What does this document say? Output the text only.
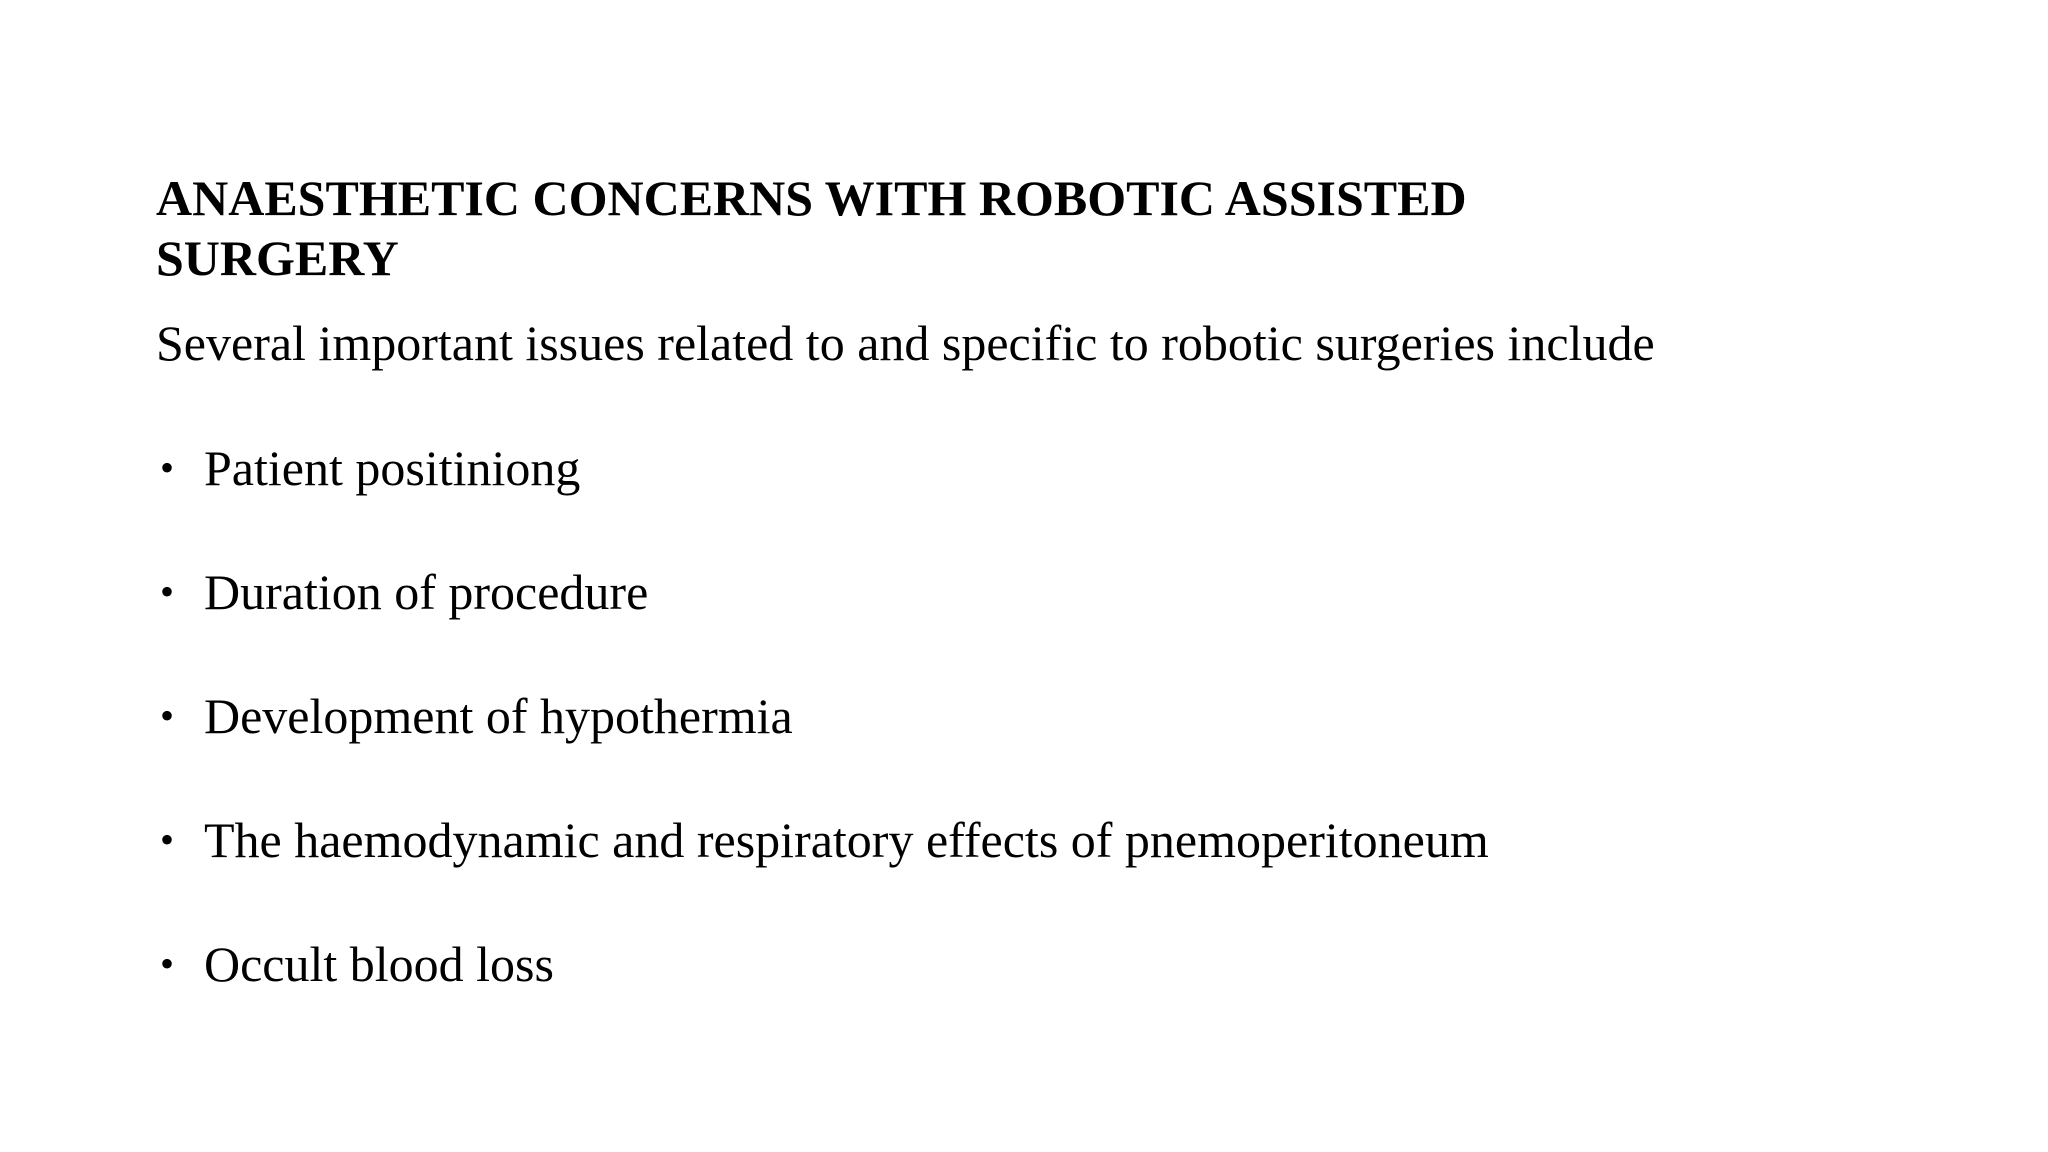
ANAESTHETIC CONCERNS WITH ROBOTIC ASSISTED SURGERY

Several important issues related to and specific to robotic surgeries include

• Patient positiniong
• Duration of procedure
• Development of hypothermia
• The haemodynamic and respiratory effects of pnemoperitoneum
• Occult blood loss
